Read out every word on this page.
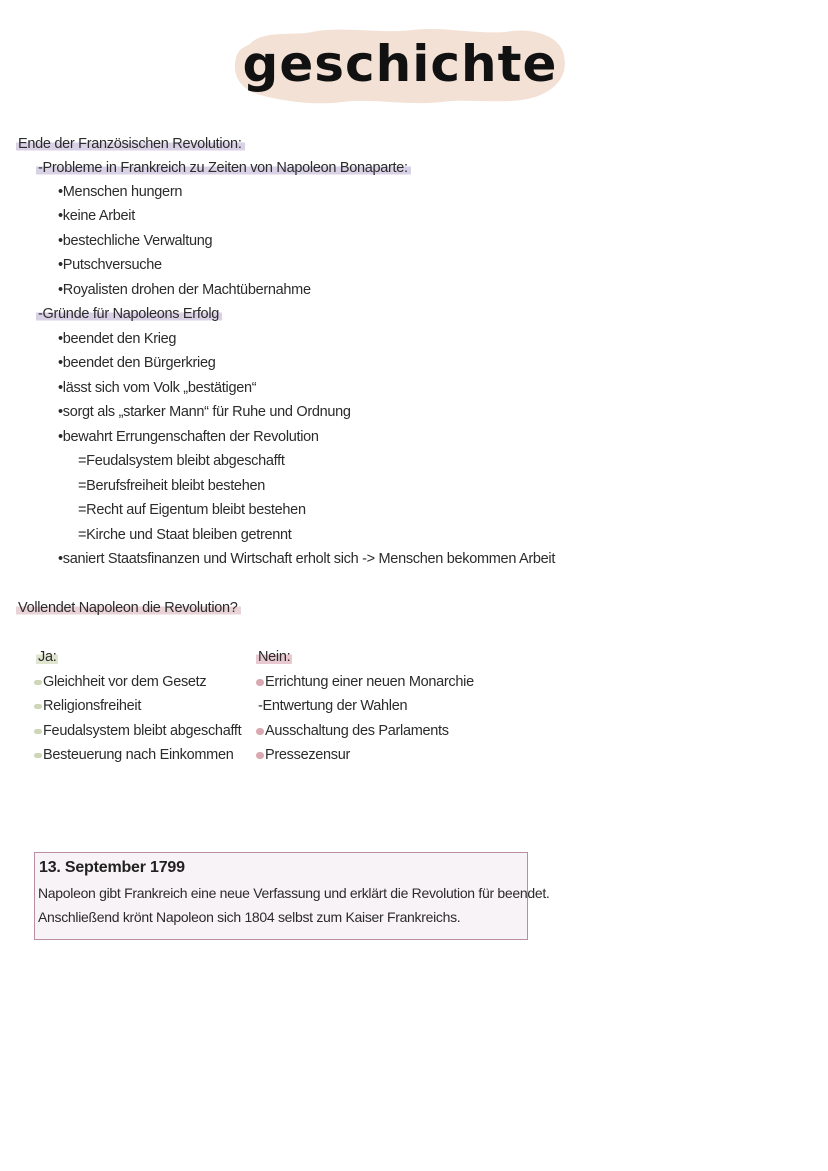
geschichte
Ende der Französischen Revolution:
-Probleme in Frankreich zu Zeiten von Napoleon Bonaparte:
•Menschen hungern
•keine Arbeit
•bestechliche Verwaltung
•Putschversuche
•Royalisten drohen der Machtübernahme
-Gründe für Napoleons Erfolg
•beendet den Krieg
•beendet den Bürgerkrieg
•lässt sich vom Volk „bestätigen“
•sorgt als „starker Mann“ für Ruhe und Ordnung
•bewahrt Errungenschaften der Revolution
=Feudalsystem bleibt abgeschafft
=Berufsfreiheit bleibt bestehen
=Recht auf Eigentum bleibt bestehen
=Kirche und Staat bleiben getrennt
•saniert Staatsfinanzen und Wirtschaft erholt sich -> Menschen bekommen Arbeit
Vollendet Napoleon die Revolution?
Ja:
Gleichheit vor dem Gesetz
Religionsfreiheit
Feudalsystem bleibt abgeschafft
Besteuerung nach Einkommen
Nein:
Errichtung einer neuen Monarchie
-Entwertung der Wahlen
Ausschaltung des Parlaments
Pressezensur
13. September 1799
Napoleon gibt Frankreich eine neue Verfassung und erklärt die Revolution für beendet.
Anschließend krönt Napoleon sich 1804 selbst zum Kaiser Frankreichs.
